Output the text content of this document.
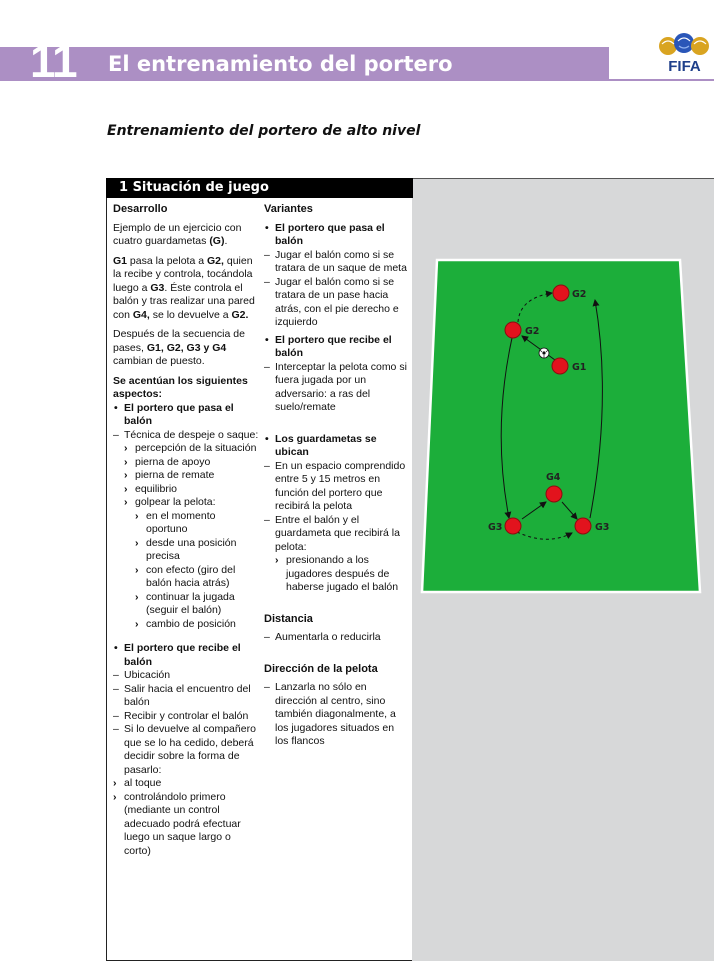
11 El entrenamiento del portero	FIFA
Entrenamiento del portero de alto nivel
1 Situación de juego
Desarrollo

Ejemplo de un ejercicio con cuatro guardametas (G).

G1 pasa la pelota a G2, quien la recibe y controla, tocándola luego a G3. Éste controla el balón y tras realizar una pared con G4, se lo devuelve a G2.

Después de la secuencia de pases, G1, G2, G3 y G4 cambian de puesto.

Se acentúan los siguientes aspectos:

• El portero que pasa el balón
– Técnica de despeje o saque:
› percepción de la situación
› pierna de apoyo
› pierna de remate
› equilibrio
› golpear la pelota:
› en el momento oportuno
› desde una posición precisa
› con efecto (giro del balón hacia atrás)
› continuar la jugada (seguir el balón)
› cambio de posición
• El portero que recibe el balón
– Ubicación
– Salir hacia el encuentro del balón
– Recibir y controlar el balón
– Si lo devuelve al compañero que se lo ha cedido, deberá decidir sobre la forma de pasarlo:
› al toque
› controlándolo primero (mediante un control adecuado podrá efectuar luego un saque largo o corto)
Variantes
• El portero que pasa el balón
– Jugar el balón como si se tratara de un saque de meta
– Jugar el balón como si se tratara de un pase hacia atrás, con el pie derecho e izquierdo
• El portero que recibe el balón
– Interceptar la pelota como si fuera jugada por un adversario: a ras del suelo/remate
• Los guardametas se ubican
– En un espacio comprendido entre 5 y 15 metros en función del portero que recibirá la pelota
– Entre el balón y el guardameta que recibirá la pelota:
› presionando a los jugadores después de haberse jugado el balón
Distancia
– Aumentarla o reducirla
Dirección de la pelota
– Lanzarla no sólo en dirección al centro, sino también diagonalmente, a los jugadores situados en los flancos
G2
G2
G1
G4
G3	G3
